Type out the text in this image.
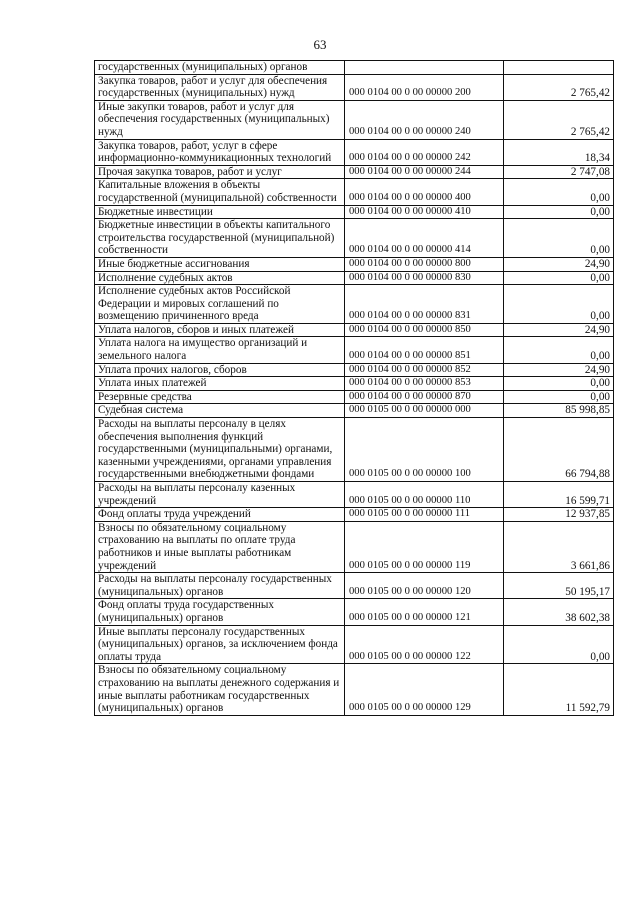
63
государственных (муниципальных) органов		
Закупка товаров, работ и услуг для обеспечения государственных (муниципальных) нужд	000 0104 00 0 00 00000 200	2 765,42
Иные закупки товаров, работ и услуг для обеспечения государственных (муниципальных) нужд	000 0104 00 0 00 00000 240	2 765,42
Закупка товаров, работ, услуг в сфере информационно-коммуникационных технологий	000 0104 00 0 00 00000 242	18,34
Прочая закупка товаров, работ и услуг	000 0104 00 0 00 00000 244	2 747,08
Капитальные вложения в объекты государственной (муниципальной) собственности	000 0104 00 0 00 00000 400	0,00
Бюджетные инвестиции	000 0104 00 0 00 00000 410	0,00
Бюджетные инвестиции в объекты капитального строительства государственной (муниципальной) собственности	000 0104 00 0 00 00000 414	0,00
Иные бюджетные ассигнования	000 0104 00 0 00 00000 800	24,90
Исполнение судебных актов	000 0104 00 0 00 00000 830	0,00
Исполнение судебных актов Российской Федерации и мировых соглашений по возмещению причиненного вреда	000 0104 00 0 00 00000 831	0,00
Уплата налогов, сборов и иных платежей	000 0104 00 0 00 00000 850	24,90
Уплата налога на имущество организаций и земельного налога	000 0104 00 0 00 00000 851	0,00
Уплата прочих налогов, сборов	000 0104 00 0 00 00000 852	24,90
Уплата иных платежей	000 0104 00 0 00 00000 853	0,00
Резервные средства	000 0104 00 0 00 00000 870	0,00
Судебная система	000 0105 00 0 00 00000 000	85 998,85
Расходы на выплаты персоналу в целях обеспечения выполнения функций государственными (муниципальными) органами, казенными учреждениями, органами управления государственными внебюджетными фондами	000 0105 00 0 00 00000 100	66 794,88
Расходы на выплаты персоналу казенных учреждений	000 0105 00 0 00 00000 110	16 599,71
Фонд оплаты труда учреждений	000 0105 00 0 00 00000 111	12 937,85
Взносы по обязательному социальному страхованию на выплаты по оплате труда работников и иные выплаты работникам учреждений	000 0105 00 0 00 00000 119	3 661,86
Расходы на выплаты персоналу государственных (муниципальных) органов	000 0105 00 0 00 00000 120	50 195,17
Фонд оплаты труда государственных (муниципальных) органов	000 0105 00 0 00 00000 121	38 602,38
Иные выплаты персоналу государственных (муниципальных) органов, за исключением фонда оплаты труда	000 0105 00 0 00 00000 122	0,00
Взносы по обязательному социальному страхованию на выплаты денежного содержания и иные выплаты работникам государственных (муниципальных) органов	000 0105 00 0 00 00000 129	11 592,79
